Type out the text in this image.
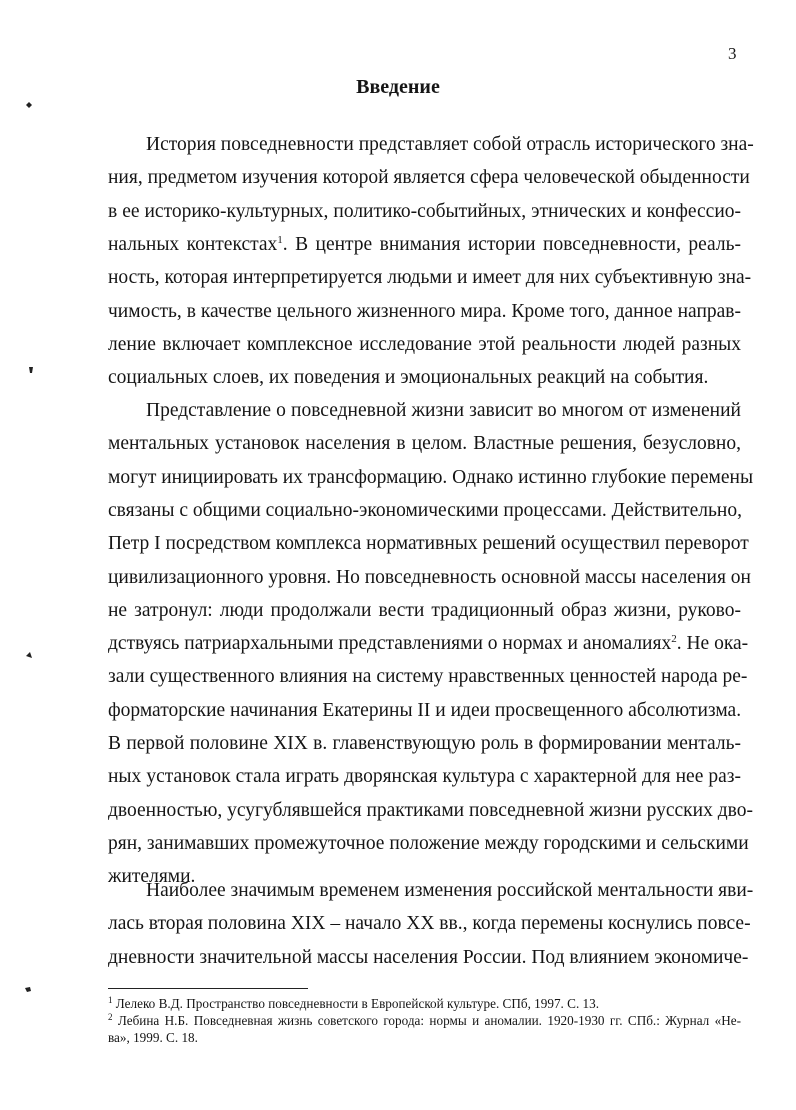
3
Введение
История повседневности представляет собой отрасль исторического зна-
ния, предметом изучения которой является сфера человеческой обыденности
в ее историко-культурных, политико-событийных, этнических и конфессио-
нальных контекстах$^1$. В центре внимания истории повседневности, реаль-
ность, которая интерпретируется людьми и имеет для них субъективную зна-
чимость, в качестве цельного жизненного мира. Кроме того, данное направ-
ление включает комплексное исследование этой реальности людей разных
социальных слоев, их поведения и эмоциональных реакций на события.
Представление о повседневной жизни зависит во многом от изменений
ментальных установок населения в целом. Властные решения, безусловно,
могут инициировать их трансформацию. Однако истинно глубокие перемены
связаны с общими социально-экономическими процессами. Действительно,
Петр I посредством комплекса нормативных решений осуществил переворот
цивилизационного уровня. Но повседневность основной массы населения он
не затронул: люди продолжали вести традиционный образ жизни, руково-
дствуясь патриархальными представлениями о нормах и аномалиях$^2$. Не ока-
зали существенного влияния на систему нравственных ценностей народа ре-
форматорские начинания Екатерины II и идеи просвещенного абсолютизма.
В первой половине XIX в. главенствующую роль в формировании менталь-
ных установок стала играть дворянская культура с характерной для нее раз-
двоенностью, усугублявшейся практиками повседневной жизни русских дво-
рян, занимавших промежуточное положение между городскими и сельскими
жителями.
Наиболее значимым временем изменения российской ментальности яви-
лась вторая половина XIX – начало XX вв., когда перемены коснулись повсе-
дневности значительной массы населения России. Под влиянием экономиче-
$^1$ Лелеко В.Д. Пространство повседневности в Европейской культуре. СПб, 1997. С. 13.
$^2$ Лебина Н.Б. Повседневная жизнь советского города: нормы и аномалии. 1920-1930 гг. СПб.: Журнал «Не-
ва», 1999. С. 18.
